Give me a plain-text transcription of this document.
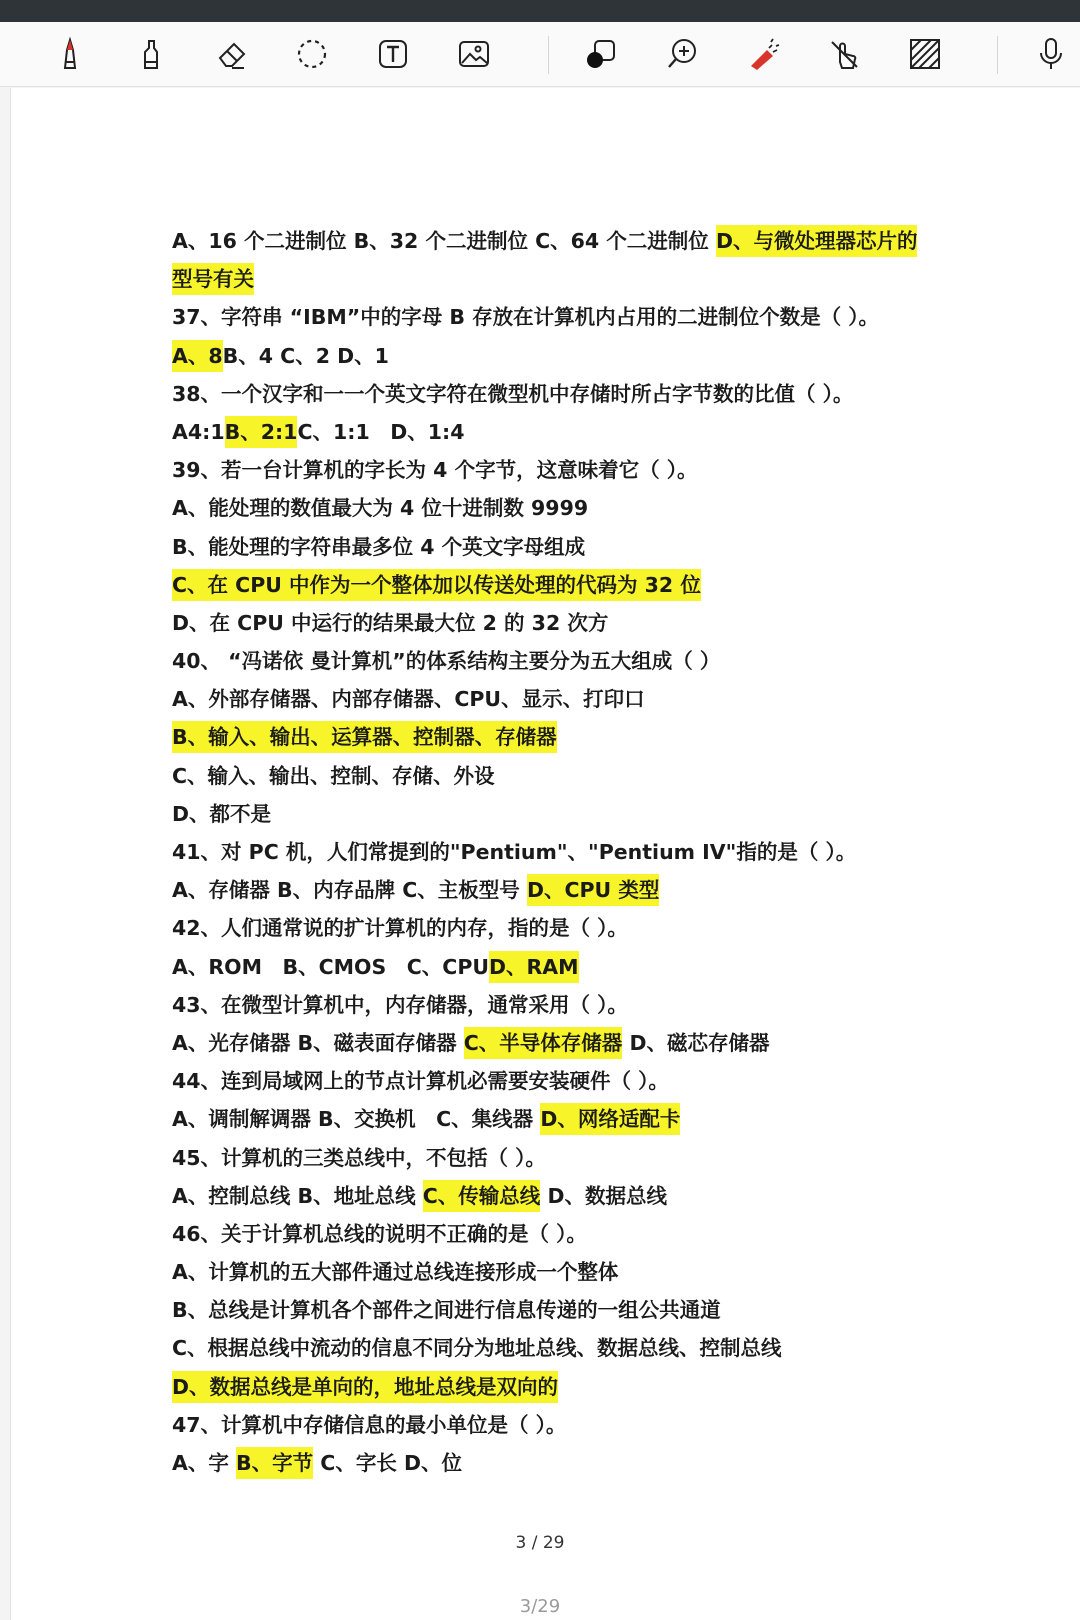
A、16 个二进制位 B、32 个二进制位 C、64 个二进制位 D、与微处理器芯片的
型号有关
37、字符串 “IBM”中的字母 B 存放在计算机内占用的二进制位个数是（ ）。
A、8B、4 C、2 D、1
38、一个汉字和一一个英文字符在微型机中存储时所占字节数的比值（ ）。
A4:1B、2:1C、1:1　D、1:4
39、若一台计算机的字长为 4 个字节，这意味着它（ ）。
A、能处理的数值最大为 4 位十进制数 9999
B、能处理的字符串最多位 4 个英文字母组成
C、在 CPU 中作为一个整体加以传送处理的代码为 32 位
D、在 CPU 中运行的结果最大位 2 的 32 次方
40、 “冯诺依 曼计算机”的体系结构主要分为五大组成（ ）
A、外部存储器、内部存储器、CPU、显示、打印口
B、输入、输出、运算器、控制器、存储器
C、输入、输出、控制、存储、外设
D、都不是
41、对 PC 机，人们常提到的"Pentium"、"Pentium IV"指的是（ ）。
A、存储器 B、内存品牌 C、主板型号 D、CPU 类型
42、人们通常说的扩计算机的内存，指的是（ ）。
A、ROM　B、CMOS　C、CPUD、RAM
43、在微型计算机中，内存储器，通常采用（ ）。
A、光存储器 B、磁表面存储器 C、半导体存储器 D、磁芯存储器
44、连到局域网上的节点计算机必需要安装硬件（ ）。
A、调制解调器 B、交换机　C、集线器 D、网络适配卡
45、计算机的三类总线中，不包括（ ）。
A、控制总线 B、地址总线 C、传输总线 D、数据总线
46、关于计算机总线的说明不正确的是（ ）。
A、计算机的五大部件通过总线连接形成一个整体
B、总线是计算机各个部件之间进行信息传递的一组公共通道
C、根据总线中流动的信息不同分为地址总线、数据总线、控制总线
D、数据总线是单向的，地址总线是双向的
47、计算机中存储信息的最小单位是（ ）。
A、字 B、字节 C、字长 D、位
3 / 29
3/29
